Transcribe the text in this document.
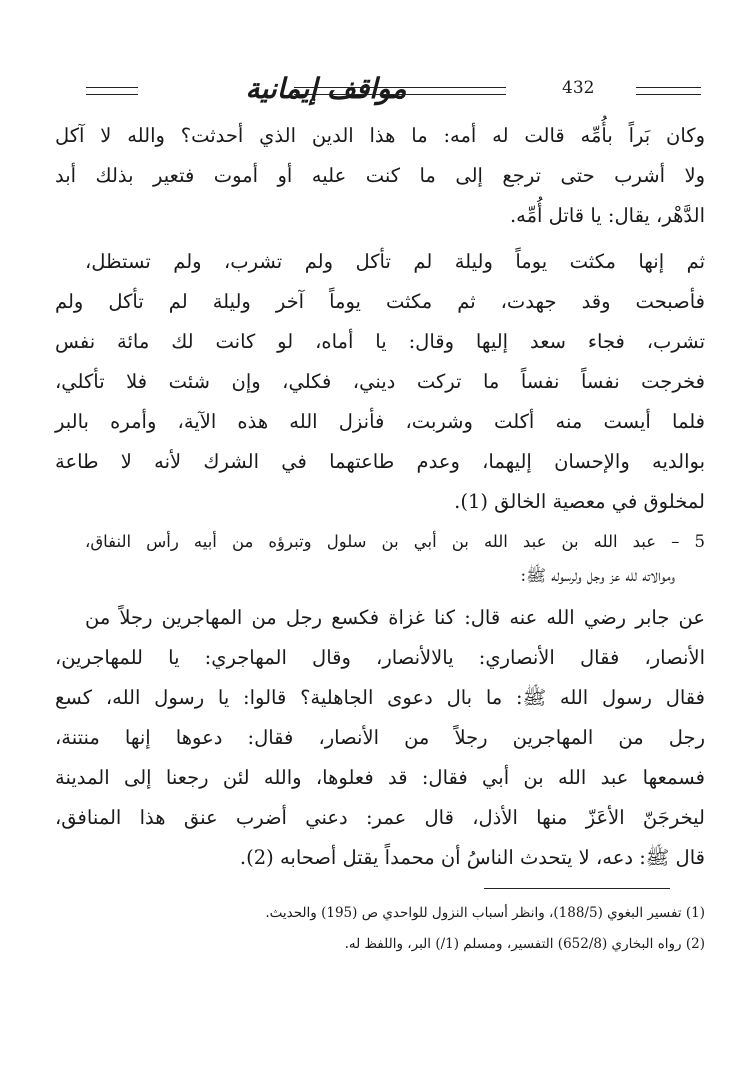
مواقف إيمانية	432
وكان بَراً بأُمِّه قالت له أمه: ما هذا الدين الذي أحدثت؟ والله لا آكل
ولا أشرب حتى ترجع إلى ما كنت عليه أو أموت فتعير بذلك أبد
الدَّهْر، يقال: يا قاتل أُمِّه.
ثم إنها مكثت يوماً وليلة لم تأكل ولم تشرب، ولم تستظل،
فأصبحت وقد جهدت، ثم مكثت يوماً آخر وليلة لم تأكل ولم
تشرب، فجاء سعد إليها وقال: يا أماه، لو كانت لك مائة نفس
فخرجت نفساً نفساً ما تركت ديني، فكلي، وإن شئت فلا تأكلي،
فلما أيست منه أكلت وشربت، فأنزل الله هذه الآية، وأمره بالبر
بوالديه والإحسان إليهما، وعدم طاعتهما في الشرك لأنه لا طاعة
لمخلوق في معصية الخالق (1).
5 – عبد الله بن عبد الله بن أبي بن سلول وتبرؤه من أبيه رأس النفاق،
وموالاته لله عز وجل ولرسوله ﷺ:
عن جابر رضي الله عنه قال: كنا غزاة فكسع رجل من المهاجرين رجلاً من
الأنصار، فقال الأنصاري: يالالأنصار، وقال المهاجري: يا للمهاجرين،
فقال رسول الله ﷺ: ما بال دعوى الجاهلية؟ قالوا: يا رسول الله، كسع
رجل من المهاجرين رجلاً من الأنصار، فقال: دعوها إنها منتنة،
فسمعها عبد الله بن أبي فقال: قد فعلوها، والله لئن رجعنا إلى المدينة
ليخرجَنّ الأعَزّ منها الأذل، قال عمر: دعني أضرب عنق هذا المنافق،
قال ﷺ: دعه، لا يتحدث الناسُ أن محمداً يقتل أصحابه (2).
(1) تفسير البغوي (188/5)، وانظر أسباب النزول للواحدي ص (195) والحديث.
(2) رواه البخاري (652/8) التفسير، ومسلم (1/) البر، واللفظ له.
